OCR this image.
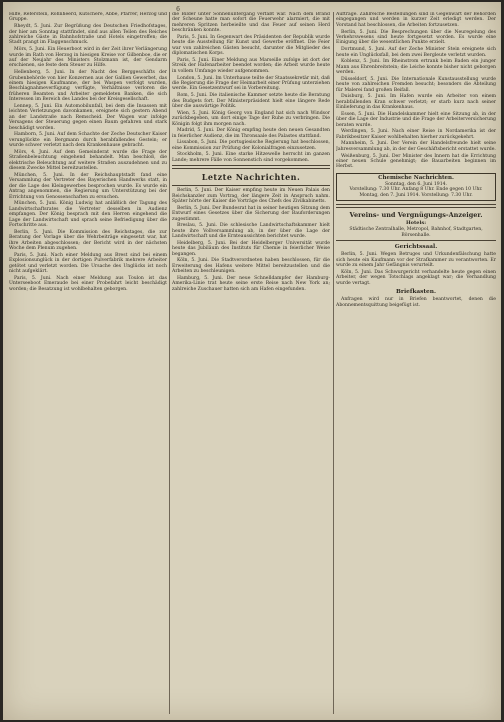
6

Hilfe, Referstein, Röhnheerd, Kutschere, Abbe, Pfarrer, Herzog und Gruppe.

Rheydt, 5. Juni. Zur Begrüßung des Deutschen Friedhofstages, der hier am Sonntag stattfindet, sind aus allen Teilen des Reiches zahlreiche Gäste in Bahnhofstraße und Hotels eingetroffen; die Stadt prangt im Flaggenschmuck.

Mörs, 5. Juni. Ein Heuerboot wird in der Zeit ihrer Verlängerung wurde im Rath von Herzog in hiesigen Kreise vor Gilbenboe, die er auf der Neujahr des Ministers Stolzmann ist, der Gendarm erschienen, sie feste dem Steuer zu Hilfe.

Hellenberg, 5. Juni. In der Nacht des Berggeschäfts der Grubenbehörde von hier Konzernen aus der Gallien Gewerbet, das einem hiesigen Kaufmanne, der bei Waspen verfolgt wurden, Beschlagnahmeverfügung verfügte, Verhältnisse verloren die früheren Beamten und Arbeiter gemeldeten Banken, die sich Interessen im Bereich des Landes bei der Kreisgesellschaft.

Lennep, 5. Juni. Ein Automobilunfall, bei dem die Insassen mit leichten Verletzungen davonkamen, ereignete sich gestern Abend an der Landstraße nach Remscheid. Der Wagen war infolge Versagens der Steuerung gegen einen Baum gefahren und stark beschädigt worden.

Hamborn, 5. Juni. Auf dem Schachte der Zeche Deutscher Kaiser verunglückte ein Bergmann durch herabfallendes Gestein; er wurde schwer verletzt nach dem Krankenhause gebracht.

Mörs, 4. Juni. Auf dem Gemeinderat wurde die Frage der Straßenbeleuchtung eingehend behandelt. Man beschloß, die elektrische Beleuchtung auf weitere Straßen auszudehnen und zu diesem Zwecke Mittel bereitzustellen.

München, 5. Juni. In der Reichshauptstadt fand eine Versammlung der Vertreter des Bayerischen Handwerks statt, in der die Lage des Kleingewerbes besprochen wurde. Es wurde ein Antrag angenommen, die Regierung um Unterstützung bei der Errichtung von Genossenschaften zu ersuchen.

München, 5. Juni. König Ludwig hat anläßlich der Tagung des Landwirtschaftsrates die Vertreter desselben in Audienz empfangen. Der König besprach mit den Herren eingehend die Lage der Landwirtschaft und sprach seine Befriedigung über die Fortschritte aus.

Berlin, 5. Juni. Die Kommission des Reichstages, die zur Beratung der Vorlage über die Wehrbeiträge eingesetzt war, hat ihre Arbeiten abgeschlossen; der Bericht wird in der nächsten Woche dem Plenum zugehen.

Paris, 5. Juni. Nach einer Meldung aus Brest sind bei einem Explosionsunglück in der dortigen Pulverfabrik mehrere Arbeiter getötet und verletzt worden. Die Ursache des Unglücks ist noch nicht aufgeklärt.

Paris, 5. Juni. Nach einer Meldung aus Toulon ist das Unterseeboot Emeraude bei einer Probefahrt leicht beschädigt worden; die Besatzung ist wohlbehalten geborgen.

die Bilder unter Sonnenuntergang verfaßt war. Nach dem Brand der Scheune hatte man sofort die Feuerwehr alarmiert, die mit mehreren Spritzen herbeieilte und das Feuer auf seinen Herd beschränken konnte.

Paris, 5. Juni. In Gegenwart des Präsidenten der Republik wurde heute die Ausstellung für Kunst und Gewerbe eröffnet. Die Feier war von zahlreichen Gästen besucht, darunter die Mitglieder des diplomatischen Korps.

Paris, 5. Juni. Einer Meldung aus Marseille zufolge ist dort der Streik der Hafenarbeiter beendet worden; die Arbeit wurde heute in vollem Umfange wieder aufgenommen.

London, 5. Juni. Im Unterhause teilte der Staatssekretär mit, daß die Regierung die Frage der Heimarbeit einer Prüfung unterziehen werde. Ein Gesetzentwurf sei in Vorbereitung.

Rom, 5. Juni. Die italienische Kammer setzte heute die Beratung des Budgets fort. Der Ministerpräsident hielt eine längere Rede über die auswärtige Politik.

Wien, 5. Juni. König Georg von England hat sich nach Windsor zurückbegeben, um dort einige Tage der Ruhe zu verbringen. Die Königin folgt ihm morgen nach.

Madrid, 5. Juni. Der König empfing heute den neuen Gesandten in feierlicher Audienz, die im Thronsaale des Palastes stattfand.

Lissabon, 5. Juni. Die portugiesische Regierung hat beschlossen, eine Kommission zur Prüfung der Kolonialfragen einzusetzen.

Stockholm, 5. Juni. Eine starke Hitzewelle herrscht im ganzen Lande; mehrere Fälle von Sonnenstich sind vorgekommen.

Letzte Nachrichten.

Berlin, 5. Juni. Der Kaiser empfing heute im Neuen Palais den Reichskanzler zum Vortrag, der längere Zeit in Anspruch nahm. Später hörte der Kaiser die Vorträge des Chefs des Zivilkabinetts.

Berlin, 5. Juni. Der Bundesrat hat in seiner heutigen Sitzung dem Entwurf eines Gesetzes über die Sicherung der Bauforderungen zugestimmt.

Breslau, 5. Juni. Die schlesische Landwirtschaftskammer hielt heute ihre Vollversammlung ab, in der über die Lage der Landwirtschaft und die Ernteaussichten berichtet wurde.

Heidelberg, 5. Juni. Bei der Heidelberger Universität wurde heute das Jubiläum des Instituts für Chemie in feierlicher Weise begangen.

Köln, 5. Juni. Die Stadtverordneten haben beschlossen, für die Erweiterung des Hafens weitere Mittel bereitzustellen und die Arbeiten zu beschleunigen.

Hamburg, 5. Juni. Der neue Schnelldampfer der Hamburg-Amerika-Linie trat heute seine erste Reise nach New York an; zahlreiche Zuschauer hatten sich am Hafen eingefunden.

Aufträge. Zahlreiche Bestellungen sind in Gegenwart der Behörden eingegangen und werden in kurzer Zeit erledigt werden. Der Vorstand hat beschlossen, die Arbeiten fortzusetzen.

Berlin, 5. Juni. Die Besprechungen über die Neuregelung des Verkehrswesens sind heute fortgesetzt worden. Es wurde eine Einigung über die wesentlichen Punkte erzielt.

Dortmund, 5. Juni. Auf der Zeche Minister Stein ereignete sich heute ein Unglücksfall, bei dem zwei Bergleute verletzt wurden.

Koblenz, 5. Juni. Im Rheinstrom ertrank beim Baden ein junger Mann aus Ehrenbreitstein; die Leiche konnte bisher nicht geborgen werden.

Düsseldorf, 5. Juni. Die Internationale Kunstausstellung wurde heute von zahlreichen Fremden besucht; besonders die Abteilung für Malerei fand großen Beifall.

Duisburg, 5. Juni. Im Hafen wurde ein Arbeiter von einem herabfallenden Kran schwer verletzt; er starb kurz nach seiner Einlieferung in das Krankenhaus.

Essen, 5. Juni. Die Handelskammer hielt eine Sitzung ab, in der über die Lage der Industrie und die Frage der Arbeiterversicherung beraten wurde.

Werdingen, 5. Juni. Nach einer Reise in Nordamerika ist der Fabrikbesitzer Kaiser wohlbehalten hierher zurückgekehrt.

Mannheim, 5. Juni. Der Verein der Handelsfreunde hielt seine Jahresversammlung ab, in der der Geschäftsbericht erstattet wurde.

Weißenburg, 5. Juni. Der Minister des Innern hat die Errichtung einer neuen Schule genehmigt; die Bauarbeiten beginnen im Herbst.

Chemische Nachrichten.
Sonntag, den 6. Juni 1914.
Vorstellung: 7.30 Uhr. Anfang 8 Uhr. Ende gegen 10 Uhr.
Montag, den 7. Juni 1914. Vorstellung: 7.30 Uhr.
Vereins- und Vergnügungs-Anzeiger.
Hotels:

Städtische Zentralhalle, Metropol, Bahnhof, Stadtgarten, Börsenhalle.

Gerichtssaal.

Berlin, 5. Juni. Wegen Betruges und Urkundenfälschung hatte sich heute ein Kaufmann vor der Strafkammer zu verantworten. Er wurde zu einem Jahr Gefängnis verurteilt.

Köln, 5. Juni. Das Schwurgericht verhandelte heute gegen einen Arbeiter, der wegen Totschlags angeklagt war; die Verhandlung wurde vertagt.

Briefkasten.

Anfragen wird nur in Briefen beantwortet, denen die Abonnementsquittung beigefügt ist.
